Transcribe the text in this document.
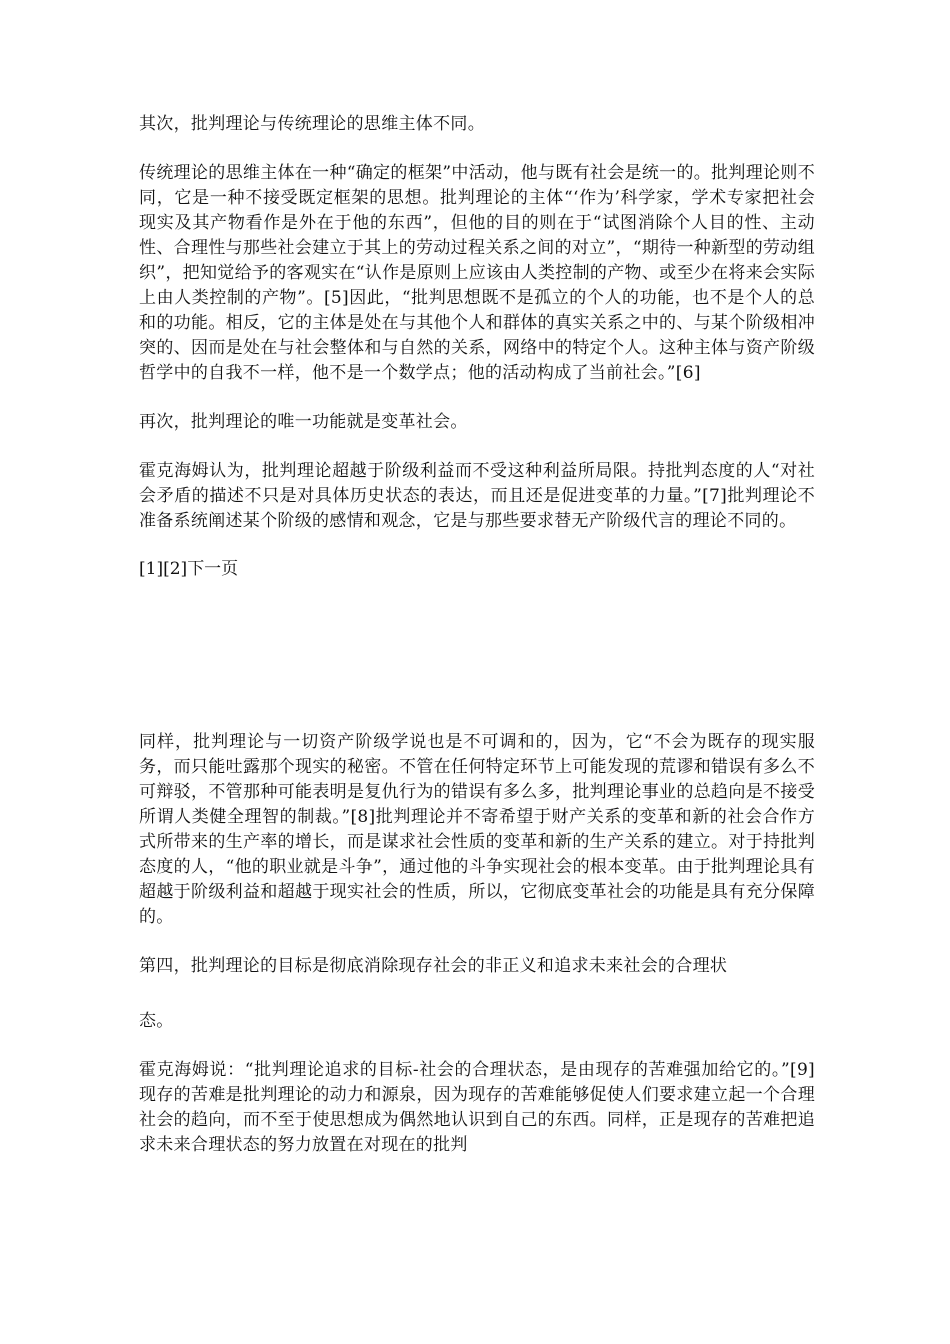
其次，批判理论与传统理论的思维主体不同。

传统理论的思维主体在一种“确定的框架”中活动，他与既有社会是统一的。批判理论则不同，它是一种不接受既定框架的思想。批判理论的主体“‘作为’科学家，学术专家把社会现实及其产物看作是外在于他的东西”，但他的目的则在于“试图消除个人目的性、主动性、合理性与那些社会建立于其上的劳动过程关系之间的对立”，“期待一种新型的劳动组织”，把知觉给予的客观实在“认作是原则上应该由人类控制的产物、或至少在将来会实际上由人类控制的产物”。[5]因此，“批判思想既不是孤立的个人的功能，也不是个人的总和的功能。相反，它的主体是处在与其他个人和群体的真实关系之中的、与某个阶级相冲突的、因而是处在与社会整体和与自然的关系，网络中的特定个人。这种主体与资产阶级哲学中的自我不一样，他不是一个数学点；他的活动构成了当前社会。”[6]

再次，批判理论的唯一功能就是变革社会。

霍克海姆认为，批判理论超越于阶级利益而不受这种利益所局限。持批判态度的人“对社会矛盾的描述不只是对具体历史状态的表达，而且还是促进变革的力量。”[7]批判理论不准备系统阐述某个阶级的感情和观念，它是与那些要求替无产阶级代言的理论不同的。

[1][2]下一页

同样，批判理论与一切资产阶级学说也是不可调和的，因为，它“不会为既存的现实服务，而只能吐露那个现实的秘密。不管在任何特定环节上可能发现的荒谬和错误有多么不可辩驳，不管那种可能表明是复仇行为的错误有多么多，批判理论事业的总趋向是不接受所谓人类健全理智的制裁。”[8]批判理论并不寄希望于财产关系的变革和新的社会合作方式所带来的生产率的增长，而是谋求社会性质的变革和新的生产关系的建立。对于持批判态度的人，“他的职业就是斗争”，通过他的斗争实现社会的根本变革。由于批判理论具有超越于阶级利益和超越于现实社会的性质，所以，它彻底变革社会的功能是具有充分保障的。

第四，批判理论的目标是彻底消除现存社会的非正义和追求未来社会的合理状

态。

霍克海姆说：“批判理论追求的目标-社会的合理状态，是由现存的苦难强加给它的。”[9]现存的苦难是批判理论的动力和源泉，因为现存的苦难能够促使人们要求建立起一个合理社会的趋向，而不至于使思想成为偶然地认识到自己的东西。同样，正是现存的苦难把追求未来合理状态的努力放置在对现在的批判
